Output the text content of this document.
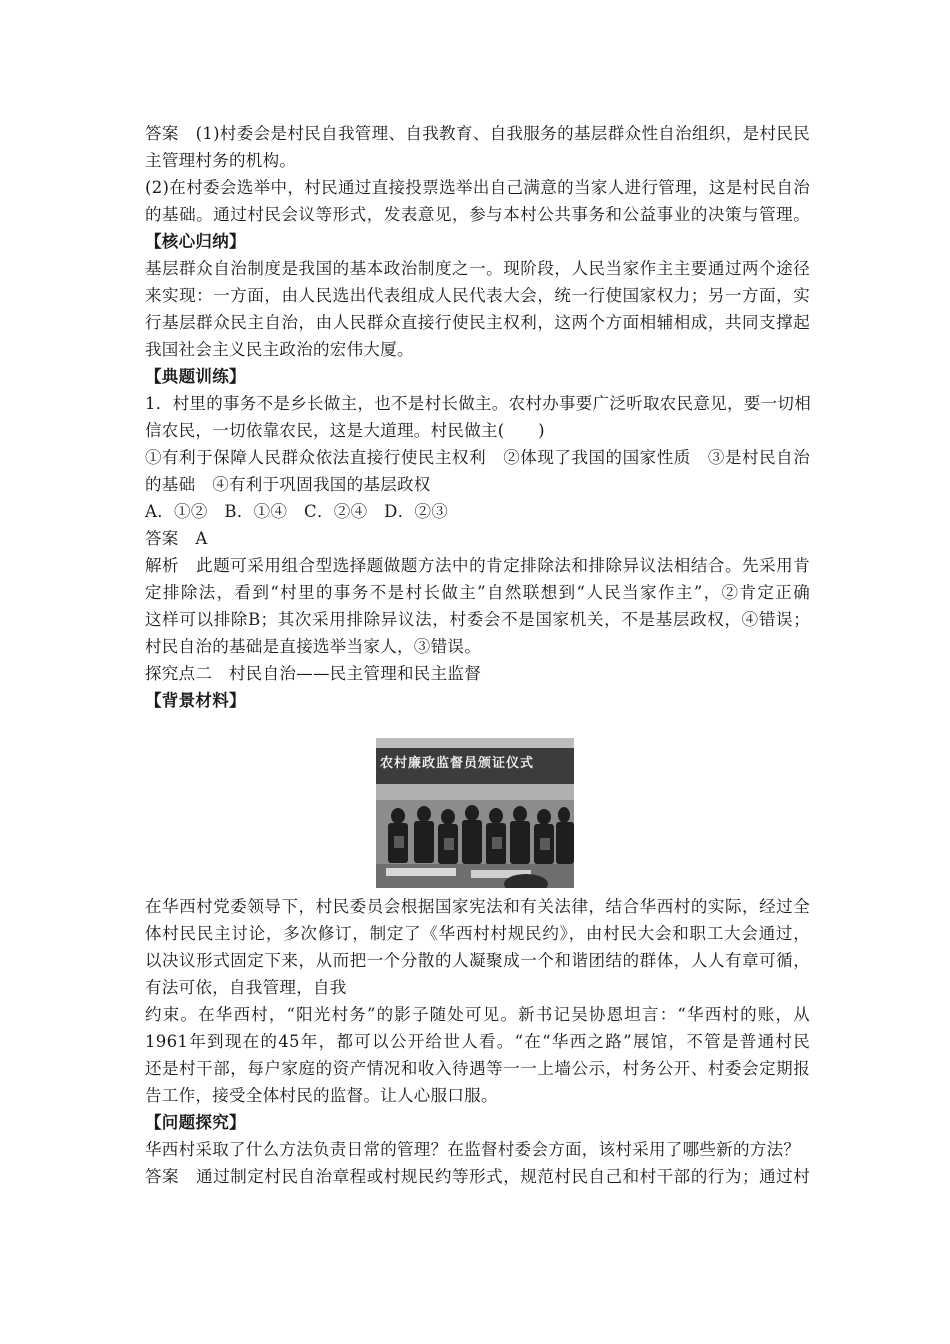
答案　(1)村委会是村民自我管理、自我教育、自我服务的基层群众性自治组织，是村民民
主管理村务的机构。
(2)在村委会选举中，村民通过直接投票选举出自己满意的当家人进行管理，这是村民自治
的基础。通过村民会议等形式，发表意见，参与本村公共事务和公益事业的决策与管理。
【核心归纳】
基层群众自治制度是我国的基本政治制度之一。现阶段，人民当家作主主要通过两个途径
来实现：一方面，由人民选出代表组成人民代表大会，统一行使国家权力；另一方面，实
行基层群众民主自治，由人民群众直接行使民主权利，这两个方面相辅相成，共同支撑起
我国社会主义民主政治的宏伟大厦。
【典题训练】
1．村里的事务不是乡长做主，也不是村长做主。农村办事要广泛听取农民意见，要一切相
信农民，一切依靠农民，这是大道理。村民做主(　　)
①有利于保障人民群众依法直接行使民主权利　②体现了我国的国家性质　③是村民自治
的基础　④有利于巩固我国的基层政权
A．①②　B．①④　C．②④　D．②③
答案　A
解析　此题可采用组合型选择题做题方法中的肯定排除法和排除异议法相结合。先采用肯
定排除法，看到“村里的事务不是村长做主”自然联想到“人民当家作主”，②肯定正确
这样可以排除B；其次采用排除异议法，村委会不是国家机关，不是基层政权，④错误；
村民自治的基础是直接选举当家人，③错误。
探究点二　村民自治——民主管理和民主监督
【背景材料】
农村廉政监督员颁证仪式
在华西村党委领导下，村民委员会根据国家宪法和有关法律，结合华西村的实际，经过全
体村民民主讨论，多次修订，制定了《华西村村规民约》，由村民大会和职工大会通过，
以决议形式固定下来，从而把一个分散的人凝聚成一个和谐团结的群体，人人有章可循，
有法可依，自我管理，自我
约束。在华西村，“阳光村务”的影子随处可见。新书记吴协恩坦言：“华西村的账，从
1961年到现在的45年，都可以公开给世人看。“在“华西之路”展馆，不管是普通村民
还是村干部，每户家庭的资产情况和收入待遇等一一上墙公示，村务公开、村委会定期报
告工作，接受全体村民的监督。让人心服口服。
【问题探究】
华西村采取了什么方法负责日常的管理？在监督村委会方面，该村采用了哪些新的方法？
答案　通过制定村民自治章程或村规民约等形式，规范村民自己和村干部的行为；通过村
